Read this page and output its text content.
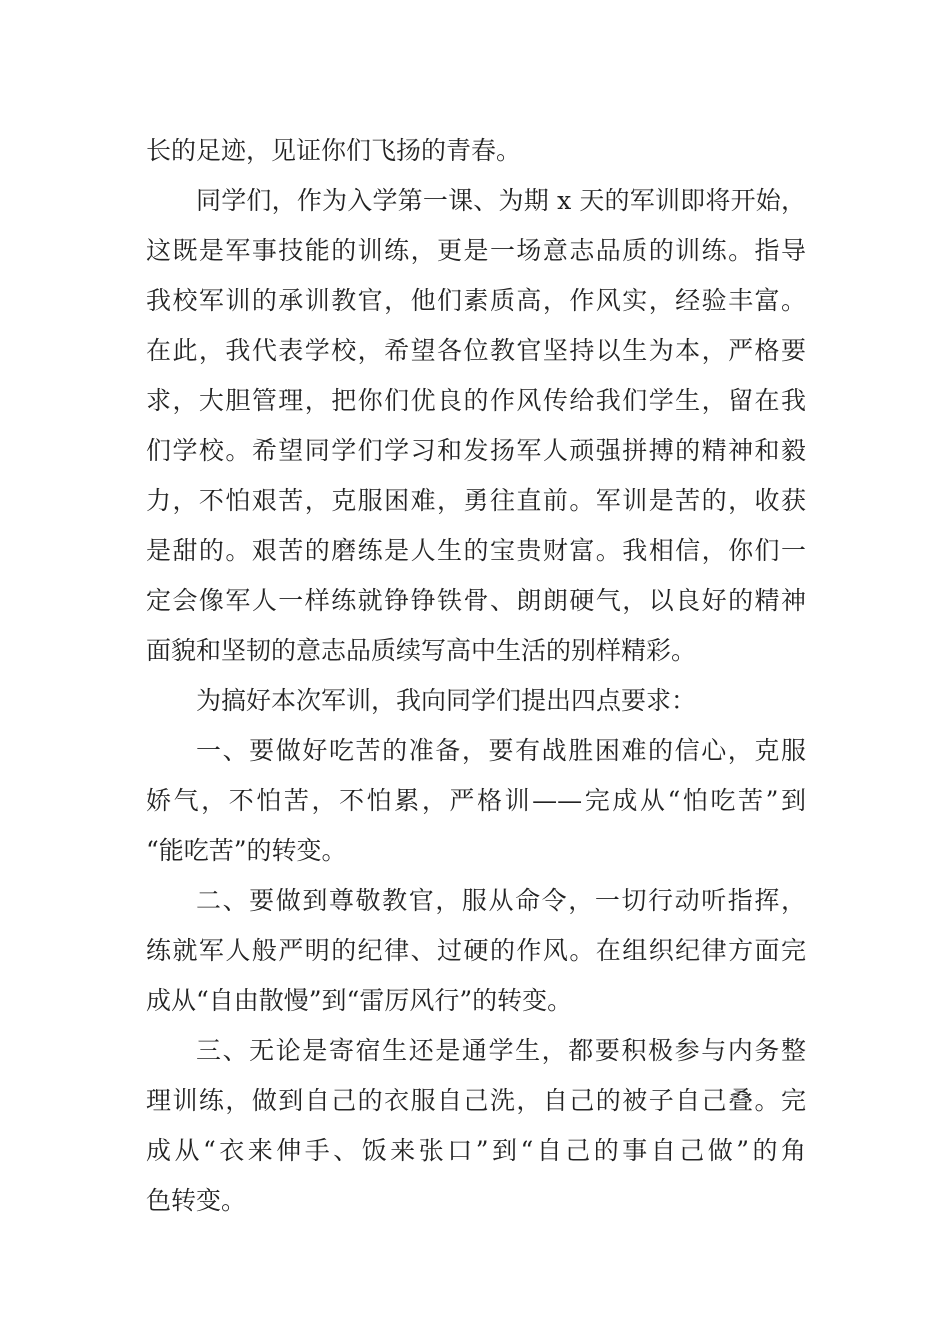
长的足迹，见证你们飞扬的青春。
同学们，作为入学第一课、为期 x 天的军训即将开始，
这既是军事技能的训练，更是一场意志品质的训练。指导
我校军训的承训教官，他们素质高，作风实，经验丰富。
在此，我代表学校，希望各位教官坚持以生为本，严格要
求，大胆管理，把你们优良的作风传给我们学生，留在我
们学校。希望同学们学习和发扬军人顽强拼搏的精神和毅
力，不怕艰苦，克服困难，勇往直前。军训是苦的，收获
是甜的。艰苦的磨练是人生的宝贵财富。我相信，你们一
定会像军人一样练就铮铮铁骨、朗朗硬气，以良好的精神
面貌和坚韧的意志品质续写高中生活的别样精彩。
为搞好本次军训，我向同学们提出四点要求：
一、要做好吃苦的准备，要有战胜困难的信心，克服
娇气，不怕苦，不怕累，严格训——完成从“怕吃苦”到
“能吃苦”的转变。
二、要做到尊敬教官，服从命令，一切行动听指挥，
练就军人般严明的纪律、过硬的作风。在组织纪律方面完
成从“自由散慢”到“雷厉风行”的转变。
三、无论是寄宿生还是通学生，都要积极参与内务整
理训练，做到自己的衣服自己洗，自己的被子自己叠。完
成从“衣来伸手、饭来张口”到“自己的事自己做”的角
色转变。
